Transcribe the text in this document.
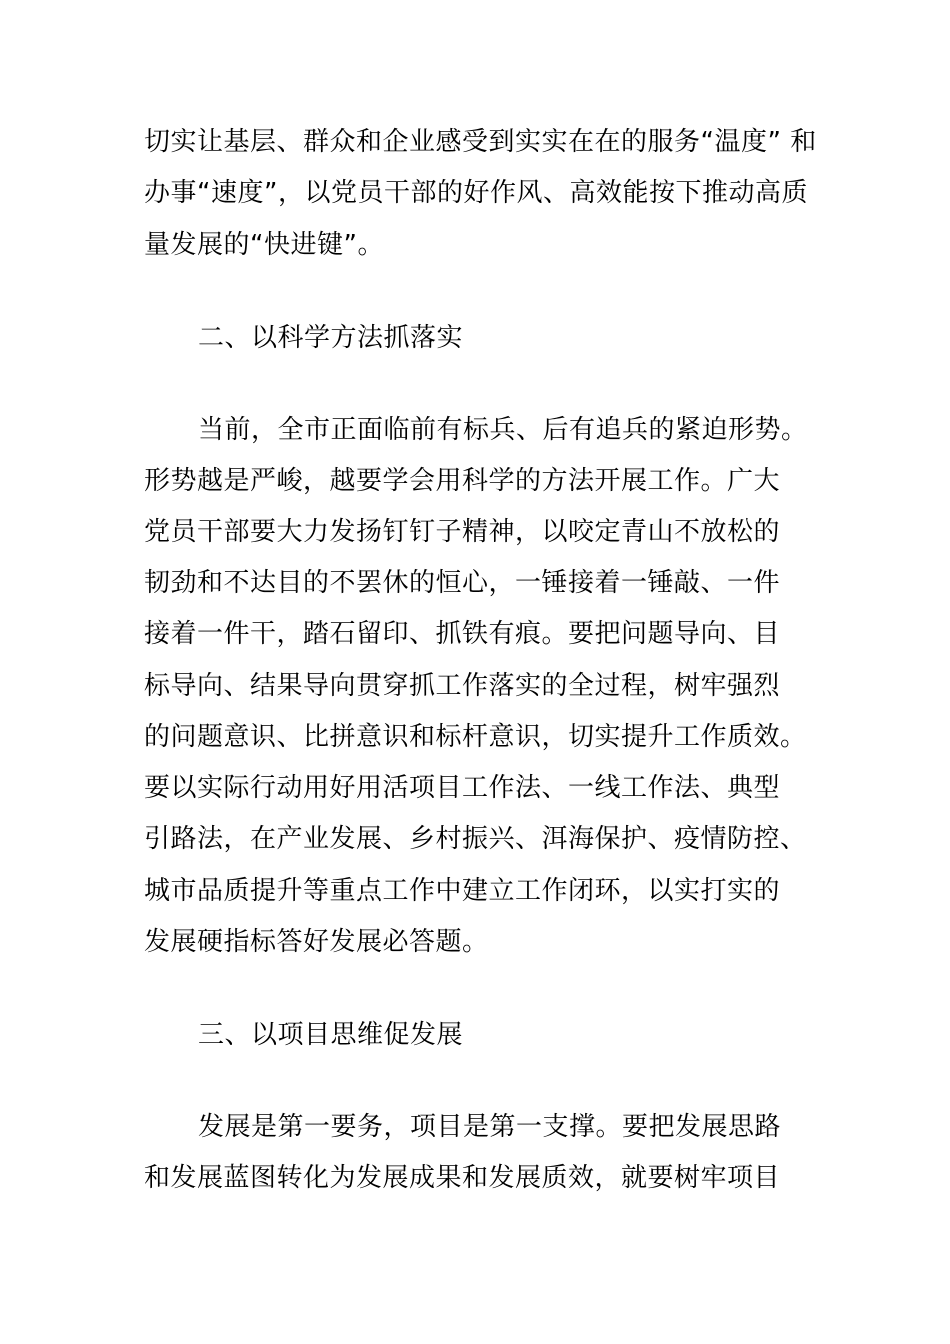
切实让基层、群众和企业感受到实实在在的服务“温度” 和
办事“速度”，以党员干部的好作风、高效能按下推动高质
量发展的“快进键”。
二、以科学方法抓落实
当前，全市正面临前有标兵、后有追兵的紧迫形势。
形势越是严峻，越要学会用科学的方法开展工作。广大
党员干部要大力发扬钉钉子精神，以咬定青山不放松的
韧劲和不达目的不罢休的恒心，一锤接着一锤敲、一件
接着一件干，踏石留印、抓铁有痕。要把问题导向、目
标导向、结果导向贯穿抓工作落实的全过程，树牢强烈
的问题意识、比拼意识和标杆意识，切实提升工作质效。
要以实际行动用好用活项目工作法、一线工作法、典型
引路法，在产业发展、乡村振兴、洱海保护、疫情防控、
城市品质提升等重点工作中建立工作闭环，以实打实的
发展硬指标答好发展必答题。
三、以项目思维促发展
发展是第一要务，项目是第一支撑。要把发展思路
和发展蓝图转化为发展成果和发展质效，就要树牢项目
